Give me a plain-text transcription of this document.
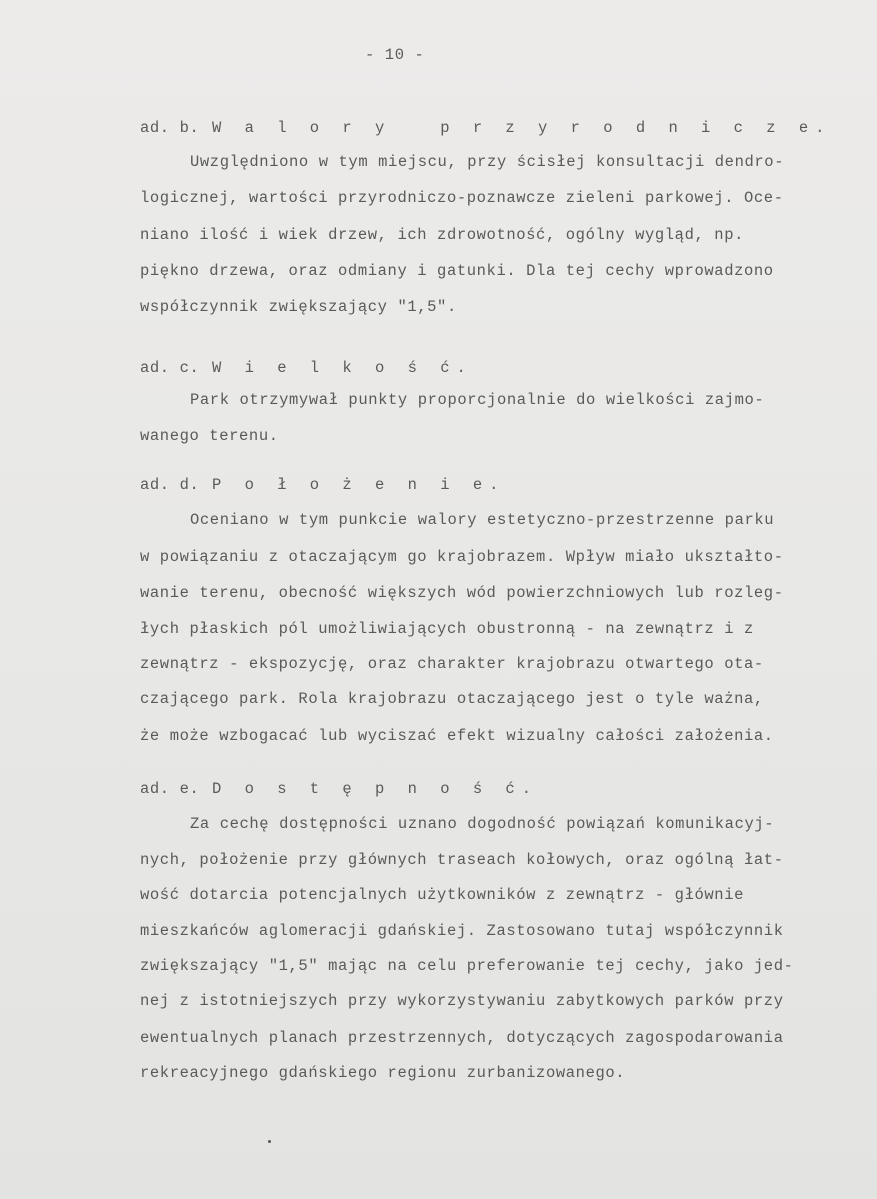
- 10 -
ad. b. W a l o r y   p r z y r o d n i c z e.
Uwzględniono w tym miejscu, przy ścisłej konsultacji dendro-
logicznej, wartości przyrodniczo-poznawcze zieleni parkowej. Oce-
niano ilość i wiek drzew, ich zdrowotność, ogólny wygląd, np.
piękno drzewa, oraz odmiany i gatunki. Dla tej cechy wprowadzono
współczynnik zwiększający "1,5".
ad. c. W i e l k o ś ć.
Park otrzymywał punkty proporcjonalnie do wielkości zajmo-
wanego terenu.
ad. d. P o ł o ż e n i e.
Oceniano w tym punkcie walory estetyczno-przestrzenne parku
w powiązaniu z otaczającym go krajobrazem. Wpływ miało ukształto-
wanie terenu, obecność większych wód powierzchniowych lub rozleg-
łych płaskich pól umożliwiających obustronną - na zewnątrz i z
zewnątrz - ekspozycję, oraz charakter krajobrazu otwartego ota-
czającego park. Rola krajobrazu otaczającego jest o tyle ważna,
że może wzbogacać lub wyciszać efekt wizualny całości założenia.
ad. e. D o s t ę p n o ś ć.
Za cechę dostępności uznano dogodność powiązań komunikacyj-
nych, położenie przy głównych traseach kołowych, oraz ogólną łat-
wość dotarcia potencjalnych użytkowników z zewnątrz - głównie
mieszkańców aglomeracji gdańskiej. Zastosowano tutaj współczynnik
zwiększający "1,5" mając na celu preferowanie tej cechy, jako jed-
nej z istotniejszych przy wykorzystywaniu zabytkowych parków przy
ewentualnych planach przestrzennych, dotyczących zagospodarowania
rekreacyjnego gdańskiego regionu zurbanizowanego.
